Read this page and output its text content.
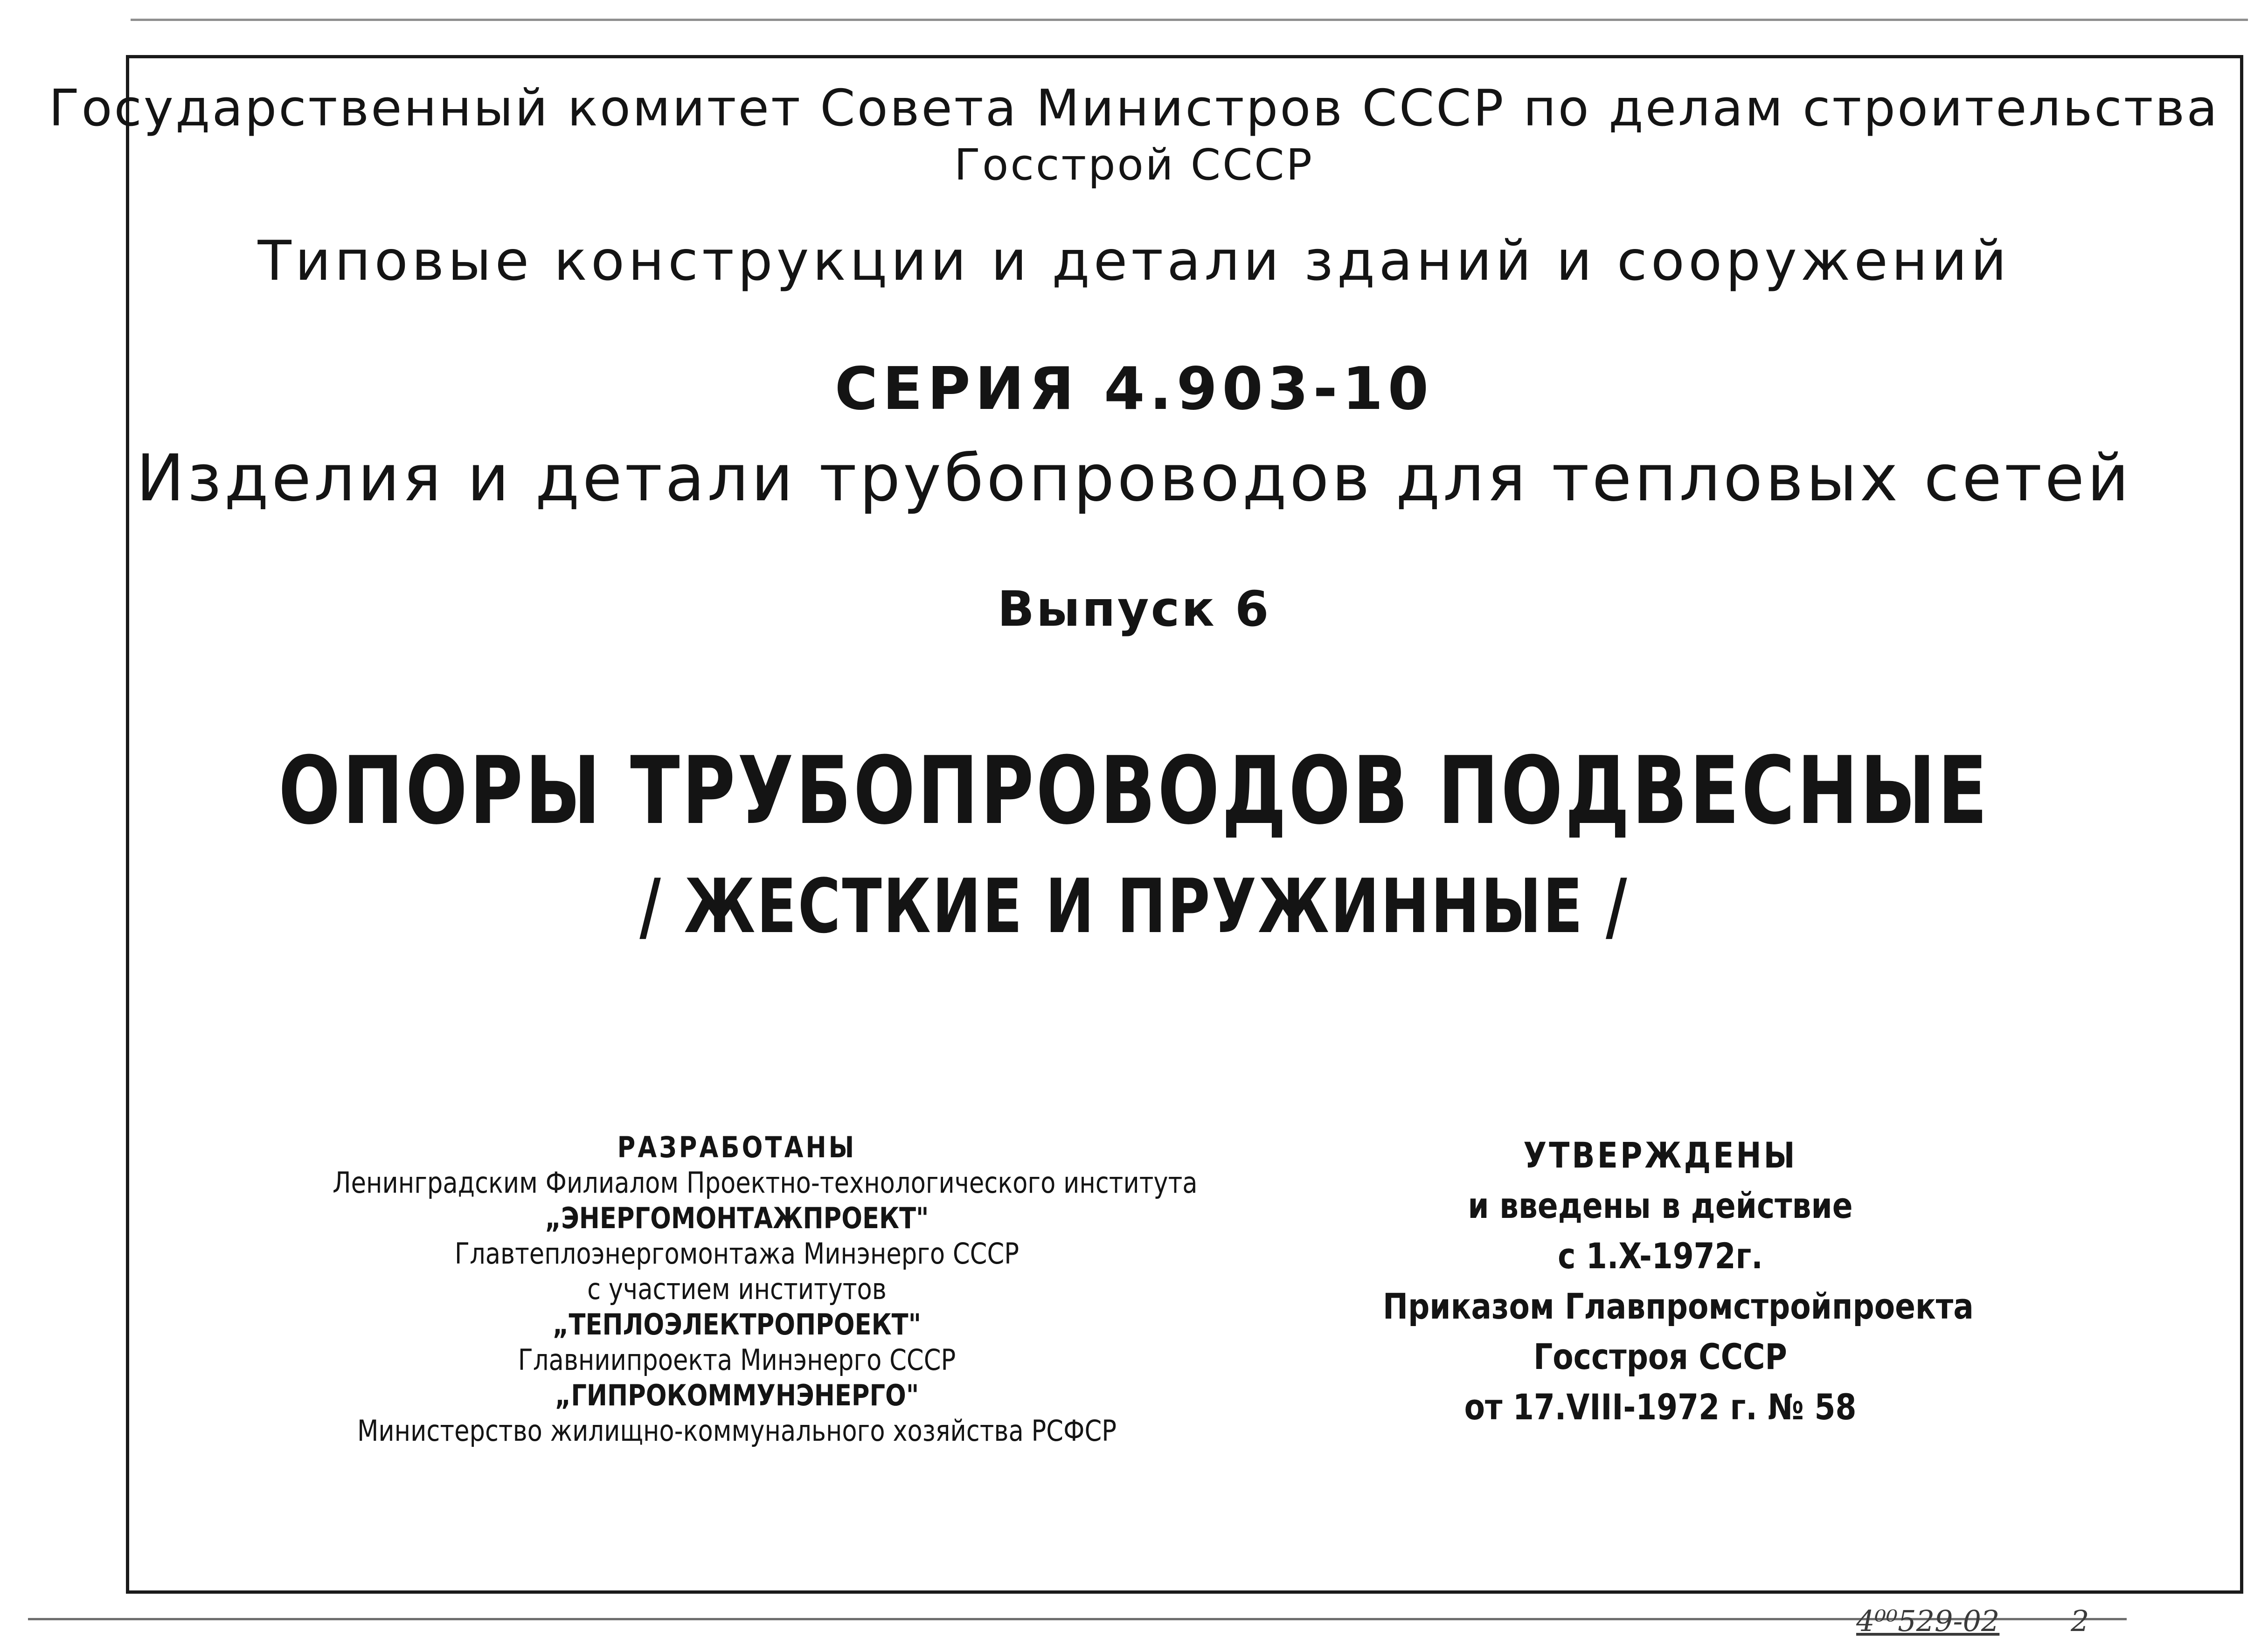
Государственный комитет Совета Министров СССР по делам строительства
Госстрой СССР
Типовые конструкции и детали зданий и сооружений
СЕРИЯ 4.903-10
Изделия и детали трубопроводов для тепловых сетей
Выпуск 6
ОПОРЫ ТРУБОПРОВОДОВ ПОДВЕСНЫЕ
/ ЖЕСТКИЕ И ПРУЖИННЫЕ /
РАЗРАБОТАНЫ
Ленинградским Филиалом Проектно-технологического института
„ЭНЕРГОМОНТАЖПРОЕКТ"
Главтеплоэнергомонтажа Минэнерго СССР
с участием институтов
„ТЕПЛОЭЛЕКТРОПРОЕКТ"
Главниипроекта Минэнерго СССР
„ГИПРОКОММУНЭНЕРГО"
Министерство жилищно-коммунального хозяйства РСФСР
УТВЕРЖДЕНЫ
и введены в действие
с 1.X-1972г.
Приказом Главпромстройпроекта
Госстроя СССР
от 17.VIII-1972 г. № 58
4⁰⁰529-02 2
